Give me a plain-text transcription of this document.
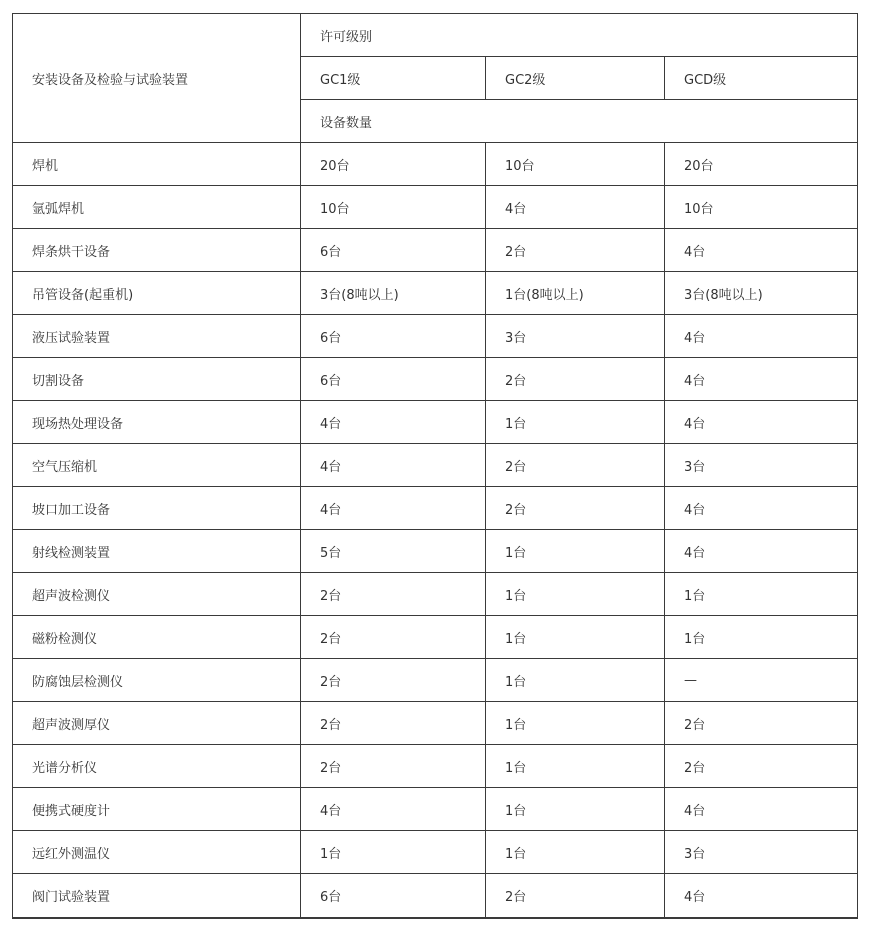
安装设备及检验与试验装置	许可级别		
	GC1级	GC2级	GCD级
	设备数量		
焊机	20台	10台	20台
氩弧焊机	10台	4台	10台
焊条烘干设备	6台	2台	4台
吊管设备(起重机)	3台(8吨以上)	1台(8吨以上)	3台(8吨以上)
液压试验装置	6台	3台	4台
切割设备	6台	2台	4台
现场热处理设备	4台	1台	4台
空气压缩机	4台	2台	3台
坡口加工设备	4台	2台	4台
射线检测装置	5台	1台	4台
超声波检测仪	2台	1台	1台
磁粉检测仪	2台	1台	1台
防腐蚀层检测仪	2台	1台	—
超声波测厚仪	2台	1台	2台
光谱分析仪	2台	1台	2台
便携式硬度计	4台	1台	4台
远红外测温仪	1台	1台	3台
阀门试验装置	6台	2台	4台
